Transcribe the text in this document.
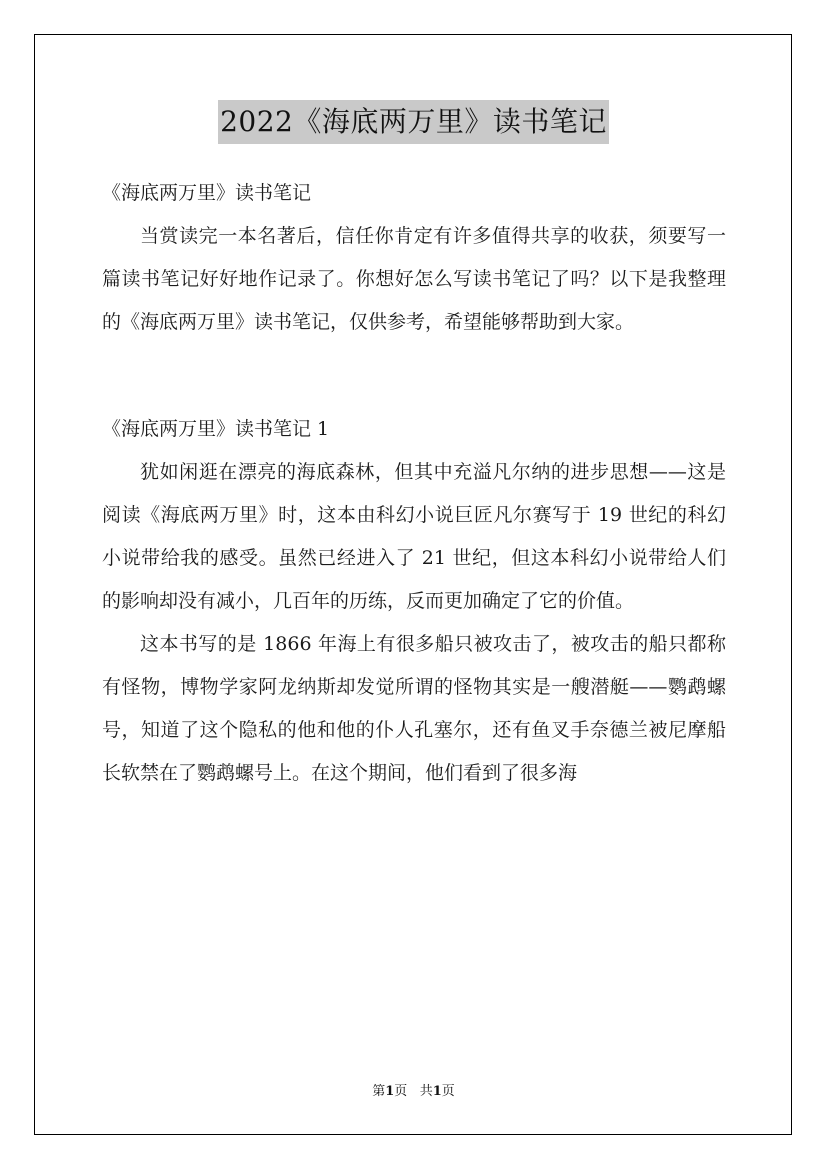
2022《海底两万里》读书笔记

《海底两万里》读书笔记

当赏读完一本名著后，信任你肯定有许多值得共享的收获，须要写一篇读书笔记好好地作记录了。你想好怎么写读书笔记了吗？以下是我整理的《海底两万里》读书笔记，仅供参考，希望能够帮助到大家。

《海底两万里》读书笔记 1

犹如闲逛在漂亮的海底森林，但其中充溢凡尔纳的进步思想——这是阅读《海底两万里》时，这本由科幻小说巨匠凡尔赛写于 19 世纪的科幻小说带给我的感受。虽然已经进入了 21 世纪，但这本科幻小说带给人们的影响却没有减小，几百年的历练，反而更加确定了它的价值。

这本书写的是 1866 年海上有很多船只被攻击了，被攻击的船只都称有怪物，博物学家阿龙纳斯却发觉所谓的怪物其实是一艘潜艇——鹦鹉螺号，知道了这个隐私的他和他的仆人孔塞尔，还有鱼叉手奈德兰被尼摩船长软禁在了鹦鹉螺号上。在这个期间，他们看到了很多海

第1页   共1页
